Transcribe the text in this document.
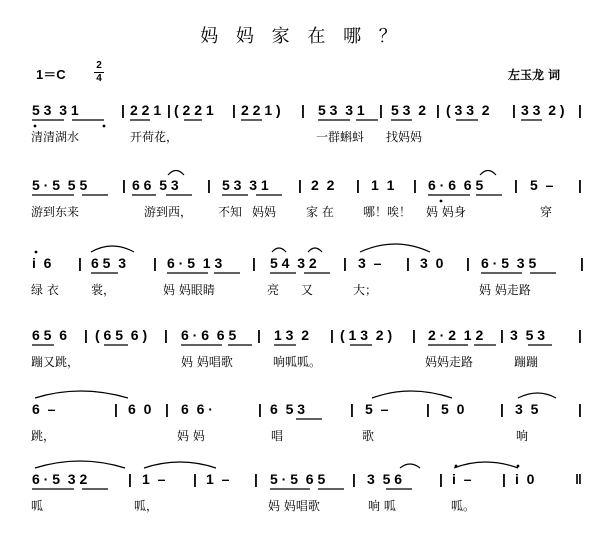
妈 妈 家 在 哪 ？
1＝C
2
4	左玉龙 词
5 3  3 1	| 2 2 1 | ( 2 2 1 | 2 2 1 ) | 5 3  3 1 | 5 3  2 | ( 3 3  2 | 3 3  2 ) |
清清湖水	开荷花，	一群蝌蚪 找妈妈
5 · 5  5 5 | 6 6  5 3 | 5 3  3 1 | 2  2 | 1  1 | 6 · 6  6 5 | 5  – |
游到东来	游到西， 不知 妈妈 家 在 哪！唉！ 妈 妈身	穿
i  6 | 6 5  3 | 6 · 5  1 3 | 5 4  3 2 | 3  – | 3  0 | 6 · 5  3 5	|
绿 衣	裳，	妈 妈眼睛	亮 又	大；	妈 妈走路
6 5  6 | ( 6 5  6 ) | 6 · 6  6 5 | 1 3  2 | ( 1 3  2 ) | 2 · 2  1 2 | 3  5 3 |
蹦又跳，	妈 妈唱歌	响呱呱。	妈妈走路	蹦蹦
6  –	| 6  0 | 6  6 ·	| 6  5 3	| 5  –	| 5  0	| 3  5	|
跳，	妈 妈	唱	歌	响
6 · 5  3 2	| 1  – | 1  – | 5 · 5  6 5 | 3  5 6	| i  – | i  0	‖
呱	呱，	妈 妈唱歌	响 呱	呱。
